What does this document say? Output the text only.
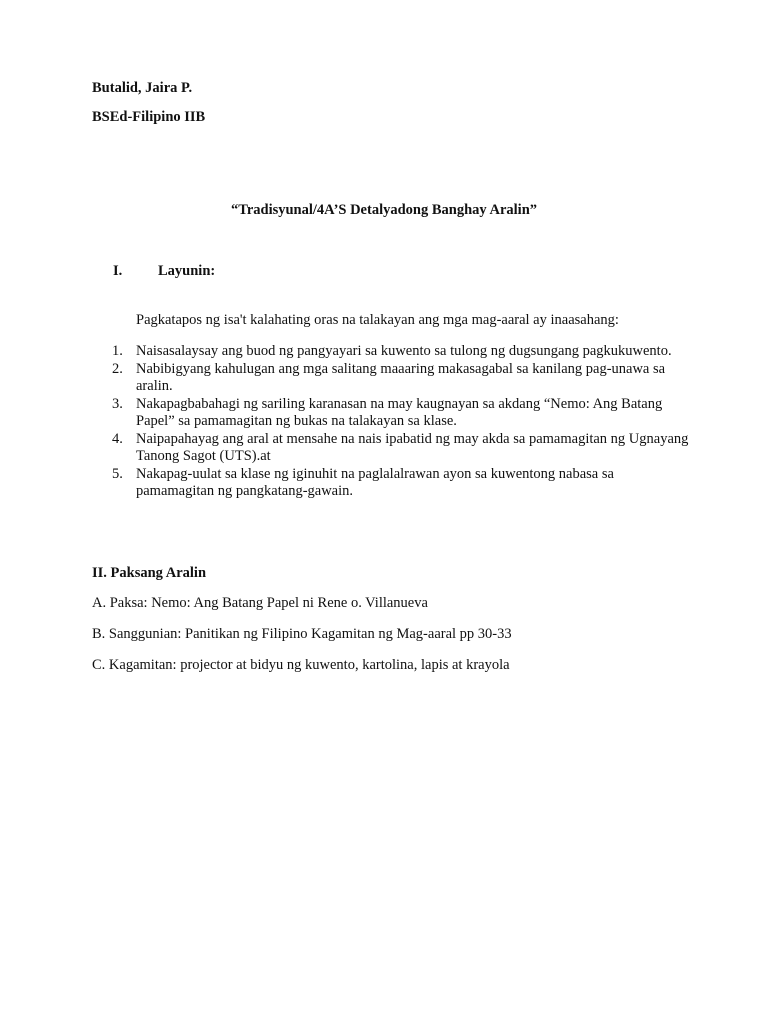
Butalid, Jaira P.
BSEd-Filipino IIB
“Tradisyunal/4A’S Detalyadong Banghay Aralin”
I. Layunin:
Pagkatapos ng isa't kalahating oras na talakayan ang mga mag-aaral ay inaasahang:
1. Naisasalaysay ang buod ng pangyayari sa kuwento sa tulong ng dugsungang pagkukuwento.
2. Nabibigyang kahulugan ang mga salitang maaaring makasagabal sa kanilang pag-unawa sa aralin.
3. Nakapagbabahagi ng sariling karanasan na may kaugnayan sa akdang “Nemo: Ang Batang Papel” sa pamamagitan ng bukas na talakayan sa klase.
4. Naipapahayag ang aral at mensahe na nais ipabatid ng may akda sa pamamagitan ng Ugnayang Tanong Sagot (UTS).at
5. Nakapag-uulat sa klase ng iginuhit na paglalalrawan ayon sa kuwentong nabasa sa pamamagitan ng pangkatang-gawain.
II. Paksang Aralin
A. Paksa: Nemo: Ang Batang Papel ni Rene o. Villanueva
B. Sanggunian: Panitikan ng Filipino Kagamitan ng Mag-aaral pp 30-33
C. Kagamitan: projector at bidyu ng kuwento, kartolina, lapis at krayola
